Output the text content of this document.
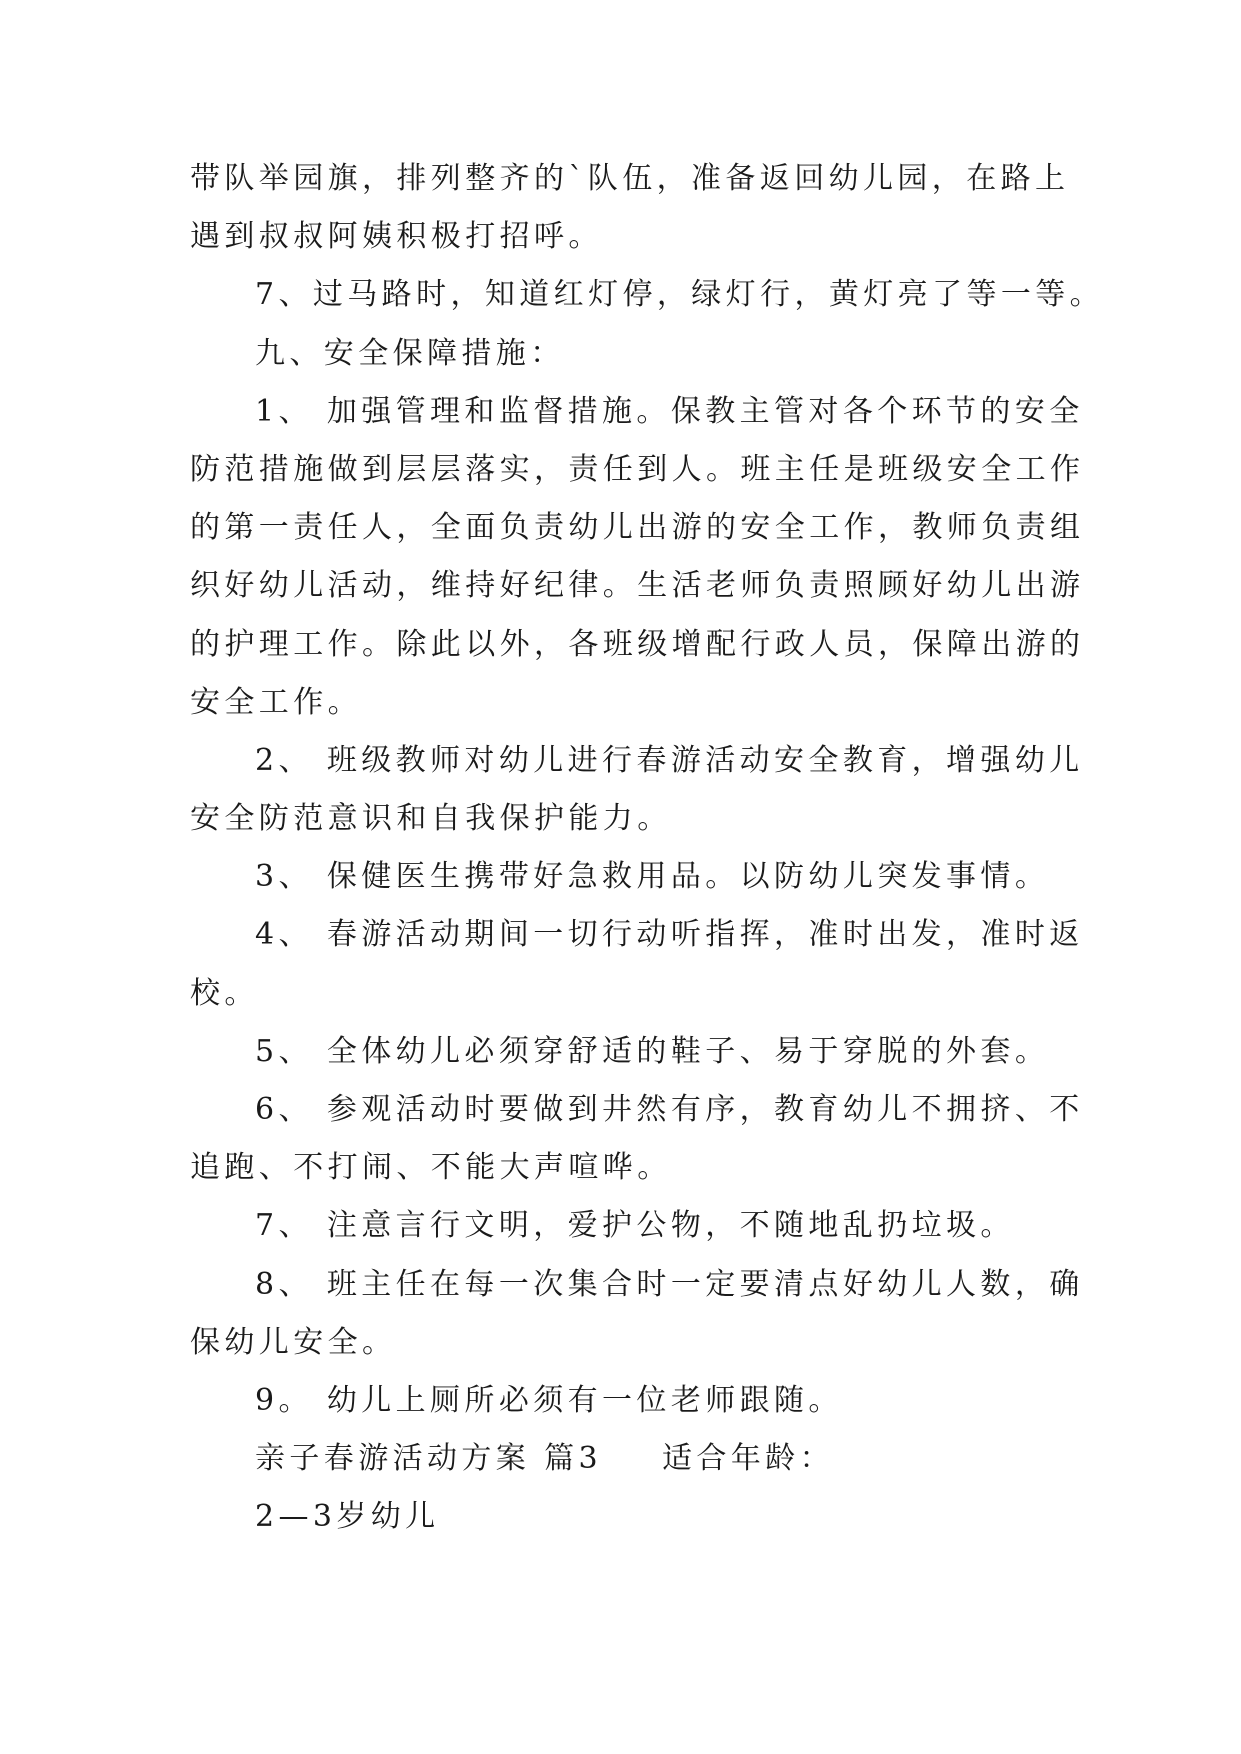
带队举园旗，排列整齐的`队伍，准备返回幼儿园，在路上
遇到叔叔阿姨积极打招呼。
7、过马路时，知道红灯停，绿灯行，黄灯亮了等一等。
九、安全保障措施：
1、 加强管理和监督措施。保教主管对各个环节的安全
防范措施做到层层落实，责任到人。班主任是班级安全工作
的第一责任人，全面负责幼儿出游的安全工作，教师负责组
织好幼儿活动，维持好纪律。生活老师负责照顾好幼儿出游
的护理工作。除此以外，各班级增配行政人员，保障出游的
安全工作。
2、 班级教师对幼儿进行春游活动安全教育，增强幼儿
安全防范意识和自我保护能力。
3、 保健医生携带好急救用品。以防幼儿突发事情。
4、 春游活动期间一切行动听指挥，准时出发，准时返
校。
5、 全体幼儿必须穿舒适的鞋子、易于穿脱的外套。
6、 参观活动时要做到井然有序，教育幼儿不拥挤、不
追跑、不打闹、不能大声喧哗。
7、 注意言行文明，爱护公物，不随地乱扔垃圾。
8、 班主任在每一次集合时一定要清点好幼儿人数，确
保幼儿安全。
9。 幼儿上厕所必须有一位老师跟随。
亲子春游活动方案 篇3 适合年龄：
2—3岁幼儿
